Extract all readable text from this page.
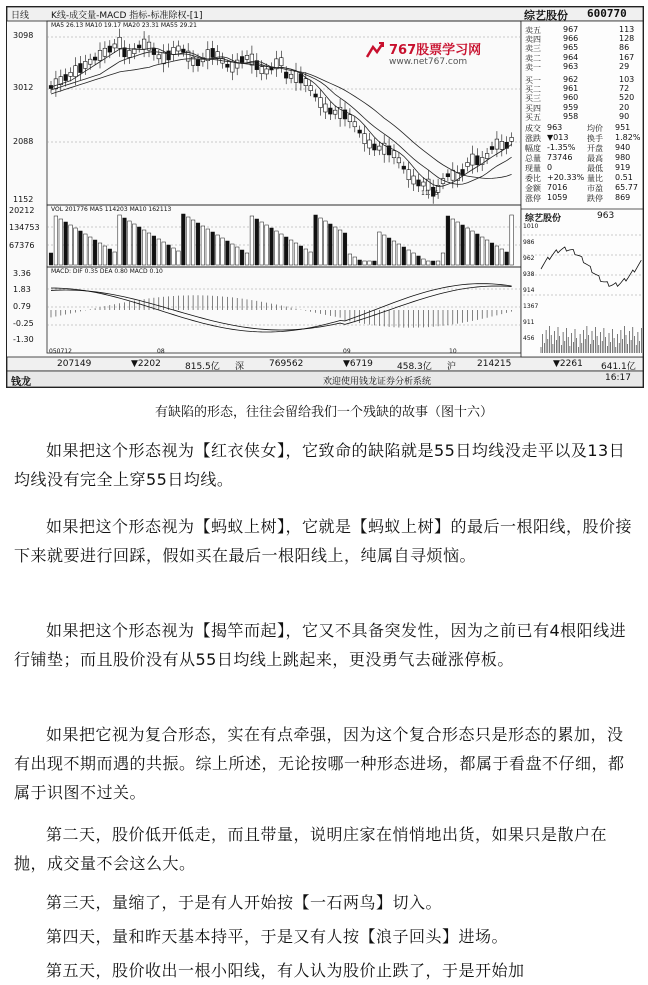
日线 K线-成交量-MACD 指标-标准除权-[1]
MA5 26.13 MA10 19.17 MA20 23.31 MA55 29.21
综艺股份 600770
767股票学习网
www.net767.com
3098
3012
2088
1152
11.16
VOL 201776 MA5 114203 MA10 162113
20212
134753
67376
MACD: DIF 0.35 DEA 0.80 MACD 0.10
3.36
1.83
0.79
-0.25
-1.30
050712	08	09	10
207149	▼2202	815.5亿 深	769562	▼6719	458.3亿 沪 214215	▼2261 641.1亿
钱龙	欢迎使用钱龙证券分析系统	16:17
卖五	967	113
卖四	966	128
卖三	965	86
卖二	964	167
卖一	963	29
买一	962	103
买二	961	72
买三	960	520
买四	959	20
买五	958	90
成交 963	均价 951
涨跌 ▼013 换手 1.82%
幅度 -1.35% 开盘 940
总量 73746 最高 980
现量 0	最低 919
委比 +20.33% 量比 0.51
金额 7016 市盈 65.77
涨停 1059 跌停 869
综艺股份	963
1010
986
962
938
914
1367
911
456
有缺陷的形态，往往会留给我们一个残缺的故事（图十六）

如果把这个形态视为【红衣侠女】，它致命的缺陷就是55日均线没走平以及13日均线没有完全上穿55日均线。

如果把这个形态视为【蚂蚁上树】，它就是【蚂蚁上树】的最后一根阳线，股价接下来就要进行回踩，假如买在最后一根阳线上，纯属自寻烦恼。

如果把这个形态视为【揭竿而起】，它又不具备突发性，因为之前已有4根阳线进行铺垫；而且股价没有从55日均线上跳起来，更没勇气去碰涨停板。

如果把它视为复合形态，实在有点牵强，因为这个复合形态只是形态的累加，没有出现不期而遇的共振。综上所述，无论按哪一种形态进场，都属于看盘不仔细，都属于识图不过关。

第二天，股价低开低走，而且带量，说明庄家在悄悄地出货，如果只是散户在抛，成交量不会这么大。

第三天，量缩了，于是有人开始按【一石两鸟】切入。

第四天，量和昨天基本持平，于是又有人按【浪子回头】进场。

第五天，股价收出一根小阳线，有人认为股价止跌了，于是开始加
